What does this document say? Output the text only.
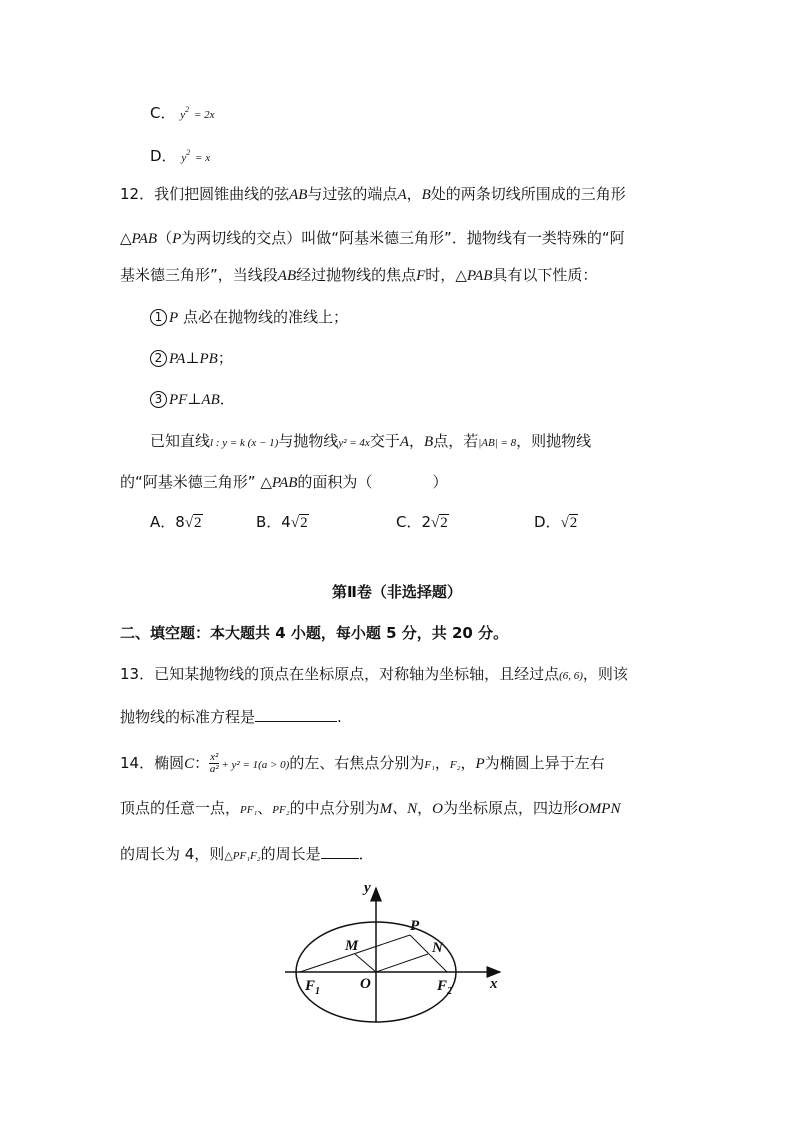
C． $y^2 = 2x$
D． $y^2 = x$
12．我们把圆锥曲线的弦AB与过弦的端点A，B处的两条切线所围成的三角形
△PAB（P为两切线的交点）叫做“阿基米德三角形”．抛物线有一类特殊的“阿
基米德三角形”，当线段AB经过抛物线的焦点F时，△PAB具有以下性质：
1 P 点必在抛物线的准线上；
2 PA⊥PB；
3 PF⊥AB．
已知直线l : y = k (x − 1)与抛物线y² = 4x交于A，B点，若|AB| = 8，则抛物线
的“阿基米德三角形” △PAB的面积为（	）
A．8√2	B．4√2	C．2√2	D．√2
第Ⅱ卷（非选择题）
二、填空题：本大题共 4 小题，每小题 5 分，共 20 分。
13．已知某抛物线的顶点在坐标原点，对称轴为坐标轴，且经过点(6, 6)，则该
抛物线的标准方程是	.
14．椭圆C： $\frac{\text{x²}}{\text{a²}} + y^2 = 1(a > 0)$的左、右焦点分别为F₁，F₂，P为椭圆上异于左右
顶点的任意一点，PF₁、PF₂的中点分别为M、N，O为坐标原点，四边形OMPN
的周长为 4，则△PF₁F₂的周长是	．
y
x
P
M	N
O
$F_1$	$F_2$
